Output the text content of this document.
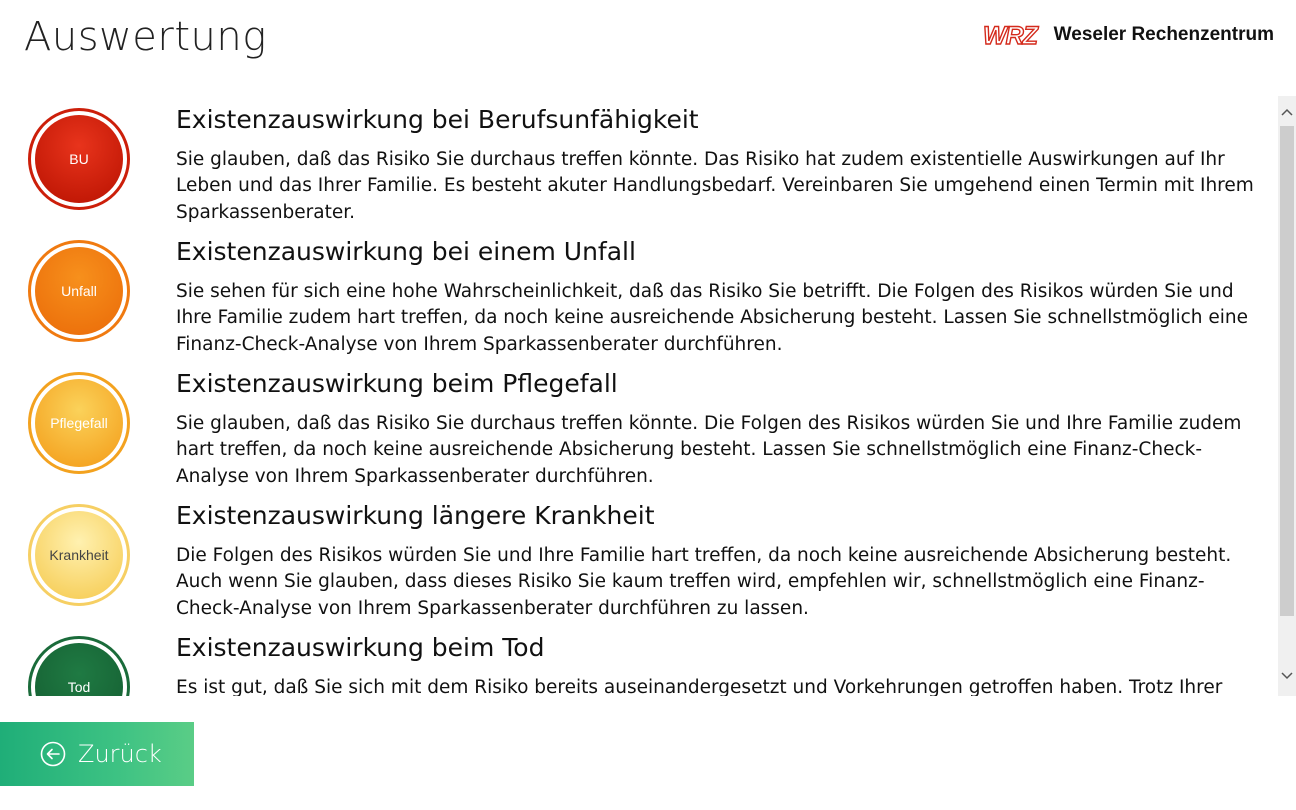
Auswertung	WRZ Weseler Rechenzentrum
BU
Existenzauswirkung bei Berufsunfähigkeit
Sie glauben, daß das Risiko Sie durchaus treffen könnte. Das Risiko hat zudem existentielle Auswirkungen auf Ihr Leben und das Ihrer Familie. Es besteht akuter Handlungsbedarf. Vereinbaren Sie umgehend einen Termin mit Ihrem Sparkassenberater.
Unfall
Existenzauswirkung bei einem Unfall
Sie sehen für sich eine hohe Wahrscheinlichkeit, daß das Risiko Sie betrifft. Die Folgen des Risikos würden Sie und Ihre Familie zudem hart treffen, da noch keine ausreichende Absicherung besteht. Lassen Sie schnellstmöglich eine Finanz-Check-Analyse von Ihrem Sparkassenberater durchführen.
Pflegefall
Existenzauswirkung beim Pflegefall
Sie glauben, daß das Risiko Sie durchaus treffen könnte. Die Folgen des Risikos würden Sie und Ihre Familie zudem hart treffen, da noch keine ausreichende Absicherung besteht. Lassen Sie schnellstmöglich eine Finanz-Check-Analyse von Ihrem Sparkassenberater durchführen.
Krankheit
Existenzauswirkung längere Krankheit
Die Folgen des Risikos würden Sie und Ihre Familie hart treffen, da noch keine ausreichende Absicherung besteht. Auch wenn Sie glauben, dass dieses Risiko Sie kaum treffen wird, empfehlen wir, schnellstmöglich eine Finanz-Check-Analyse von Ihrem Sparkassenberater durchführen zu lassen.
Tod
Existenzauswirkung beim Tod
Es ist gut, daß Sie sich mit dem Risiko bereits auseinandergesetzt und Vorkehrungen getroffen haben. Trotz Ihrer
Zurück
